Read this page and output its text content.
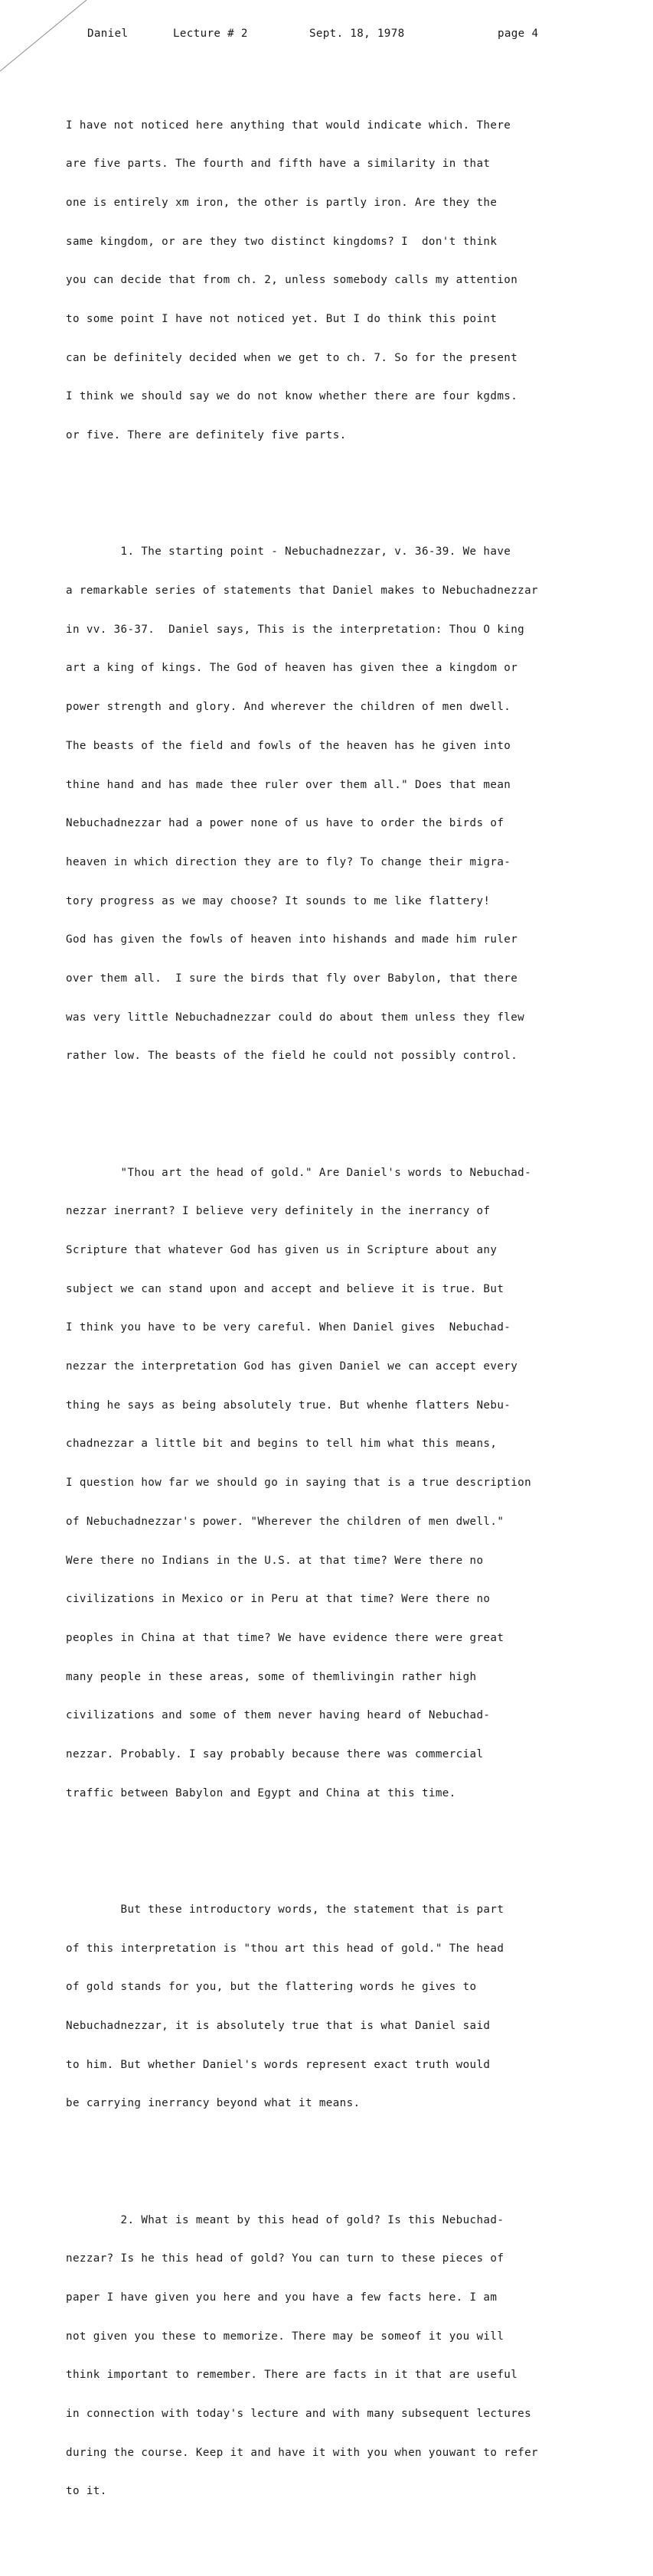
Daniel

	Lecture # 2

	Sept. 18, 1978

	page 4

I have not noticed here anything that would indicate which. There

are five parts. The fourth and fifth have a similarity in that

one is entirely xm iron, the other is partly iron. Are they the

same kingdom, or are they two distinct kingdoms? I  don't think

you can decide that from ch. 2, unless somebody calls my attention

to some point I have not noticed yet. But I do think this point

can be definitely decided when we get to ch. 7. So for the present

I think we should say we do not know whether there are four kgdms.

or five. There are definitely five parts.

1. The starting point - Nebuchadnezzar, v. 36-39. We have

a remarkable series of statements that Daniel makes to Nebuchadnezzar

in vv. 36-37.  Daniel says, This is the interpretation: Thou O king

art a king of kings. The God of heaven has given thee a kingdom or

power strength and glory. And wherever the children of men dwell.

The beasts of the field and fowls of the heaven has he given into

thine hand and has made thee ruler over them all." Does that mean

Nebuchadnezzar had a power none of us have to order the birds of

heaven in which direction they are to fly? To change their migra-

tory progress as we may choose? It sounds to me like flattery!

God has given the fowls of heaven into hishands and made him ruler

over them all.  I sure the birds that fly over Babylon, that there

was very little Nebuchadnezzar could do about them unless they flew

rather low. The beasts of the field he could not possibly control.

"Thou art the head of gold." Are Daniel's words to Nebuchad-

nezzar inerrant? I believe very definitely in the inerrancy of

Scripture that whatever God has given us in Scripture about any

subject we can stand upon and accept and believe it is true. But

I think you have to be very careful. When Daniel gives  Nebuchad-

nezzar the interpretation God has given Daniel we can accept every

thing he says as being absolutely true. But whenhe flatters Nebu-

chadnezzar a little bit and begins to tell him what this means,

I question how far we should go in saying that is a true description

of Nebuchadnezzar's power. "Wherever the children of men dwell."

Were there no Indians in the U.S. at that time? Were there no

civilizations in Mexico or in Peru at that time? Were there no

peoples in China at that time? We have evidence there were great

many people in these areas, some of themlivingin rather high

civilizations and some of them never having heard of Nebuchad-

nezzar. Probably. I say probably because there was commercial

traffic between Babylon and Egypt and China at this time.

But these introductory words, the statement that is part

of this interpretation is "thou art this head of gold." The head

of gold stands for you, but the flattering words he gives to

Nebuchadnezzar, it is absolutely true that is what Daniel said

to him. But whether Daniel's words represent exact truth would

be carrying inerrancy beyond what it means.

2. What is meant by this head of gold? Is this Nebuchad-

nezzar? Is he this head of gold? You can turn to these pieces of

paper I have given you here and you have a few facts here. I am

not given you these to memorize. There may be someof it you will

think important to remember. There are facts in it that are useful

in connection with today's lecture and with many subsequent lectures

during the course. Keep it and have it with you when youwant to refer

to it.
